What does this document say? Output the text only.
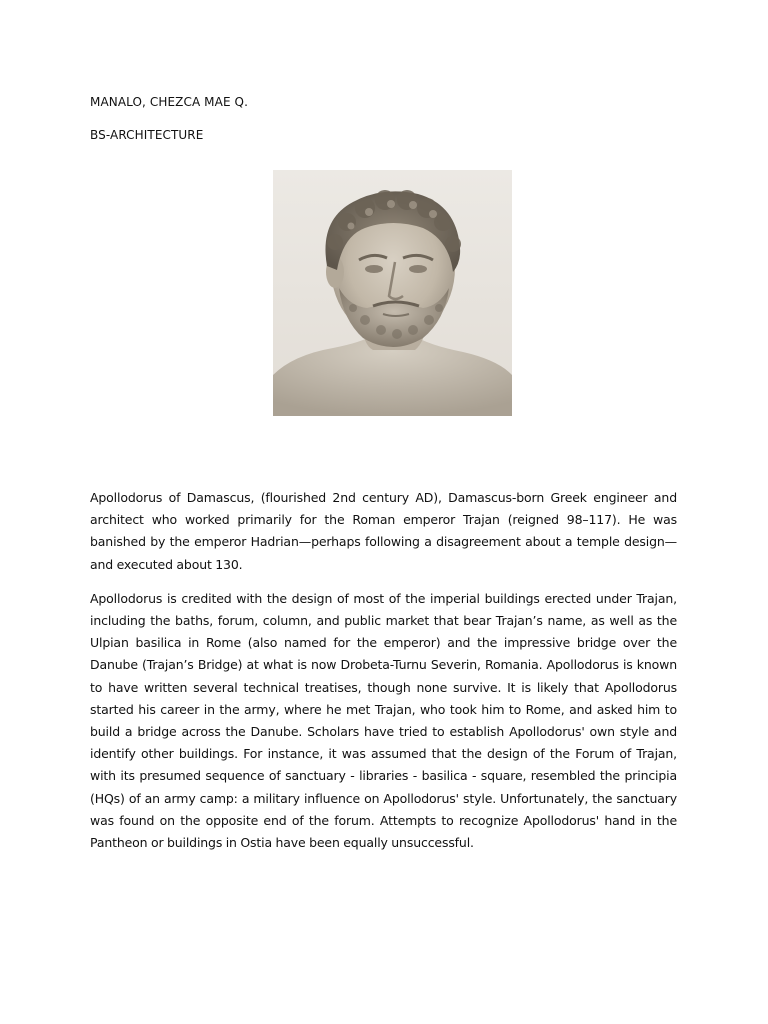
MANALO, CHEZCA MAE Q.
BS-ARCHITECTURE

Apollodorus of Damascus, (flourished 2nd century AD), Damascus-born Greek engineer and architect who worked primarily for the Roman emperor Trajan (reigned 98–117). He was banished by the emperor Hadrian—perhaps following a disagreement about a temple design—and executed about 130.

Apollodorus is credited with the design of most of the imperial buildings erected under Trajan, including the baths, forum, column, and public market that bear Trajan’s name, as well as the Ulpian basilica in Rome (also named for the emperor) and the impressive bridge over the Danube (Trajan’s Bridge) at what is now Drobeta-Turnu Severin, Romania. Apollodorus is known to have written several technical treatises, though none survive. It is likely that Apollodorus started his career in the army, where he met Trajan, who took him to Rome, and asked him to build a bridge across the Danube. Scholars have tried to establish Apollodorus' own style and identify other buildings. For instance, it was assumed that the design of the Forum of Trajan, with its presumed sequence of sanctuary - libraries - basilica - square, resembled the principia (HQs) of an army camp: a military influence on Apollodorus' style. Unfortunately, the sanctuary was found on the opposite end of the forum. Attempts to recognize Apollodorus' hand in the Pantheon or buildings in Ostia have been equally unsuccessful.
